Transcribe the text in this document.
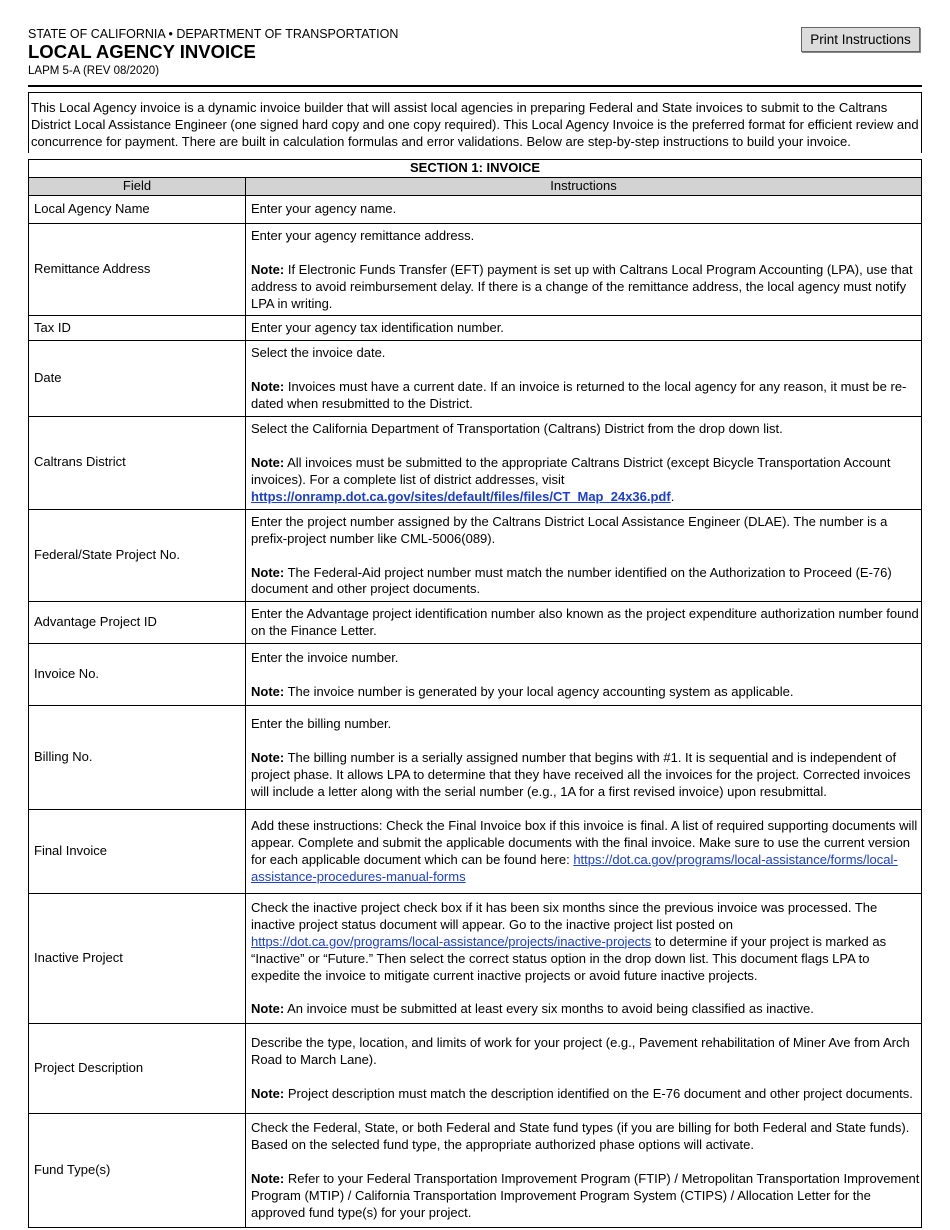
STATE OF CALIFORNIA • DEPARTMENT OF TRANSPORTATION
LOCAL AGENCY INVOICE
LAPM 5-A (REV 08/2020)
Print Instructions
This Local Agency invoice is a dynamic invoice builder that will assist local agencies in preparing Federal and State invoices to submit to the Caltrans District Local Assistance Engineer (one signed hard copy and one copy required). This Local Agency Invoice is the preferred format for efficient review and concurrence for payment. There are built in calculation formulas and error validations. Below are step-by-step instructions to build your invoice.
SECTION 1: INVOICE	
Field	Instructions
Local Agency Name	Enter your agency name.
Remittance Address	Enter your agency remittance address.
Note: If Electronic Funds Transfer (EFT) payment is set up with Caltrans Local Program Accounting (LPA), use that address to avoid reimbursement delay. If there is a change of the remittance address, the local agency must notify LPA in writing.

Tax ID	Enter your agency tax identification number.
Date	Select the invoice date.
Note: Invoices must have a current date. If an invoice is returned to the local agency for any reason, it must be re-dated when resubmitted to the District.

Caltrans District	Select the California Department of Transportation (Caltrans) District from the drop down list.
Note: All invoices must be submitted to the appropriate Caltrans District (except Bicycle Transportation Account invoices). For a complete list of district addresses, visit https://onramp.dot.ca.gov/sites/default/files/files/CT_Map_24x36.pdf.

Federal/State Project No.	Enter the project number assigned by the Caltrans District Local Assistance Engineer (DLAE). The number is a prefix-project number like CML-5006(089).
Note: The Federal-Aid project number must match the number identified on the Authorization to Proceed (E-76) document and other project documents.

Advantage Project ID	Enter the Advantage project identification number also known as the project expenditure authorization number found on the Finance Letter.
Invoice No.	Enter the invoice number.
Note: The invoice number is generated by your local agency accounting system as applicable.

Billing No.	Enter the billing number.
Note: The billing number is a serially assigned number that begins with #1. It is sequential and is independent of project phase. It allows LPA to determine that they have received all the invoices for the project. Corrected invoices will include a letter along with the serial number (e.g., 1A for a first revised invoice) upon resubmittal.

Final Invoice	Add these instructions: Check the Final Invoice box if this invoice is final. A list of required supporting documents will appear. Complete and submit the applicable documents with the final invoice. Make sure to use the current version for each applicable document which can be found here: https://dot.ca.gov/programs/local-assistance/forms/local-assistance-procedures-manual-forms

Inactive Project	Check the inactive project check box if it has been six months since the previous invoice was processed. The inactive project status document will appear. Go to the inactive project list posted on https://dot.ca.gov/programs/local-assistance/projects/inactive-projects to determine if your project is marked as “Inactive” or “Future.” Then select the correct status option in the drop down list. This document flags LPA to expedite the invoice to mitigate current inactive projects or avoid future inactive projects.
Note: An invoice must be submitted at least every six months to avoid being classified as inactive.

Project Description	Describe the type, location, and limits of work for your project (e.g., Pavement rehabilitation of Miner Ave from Arch Road to March Lane).
Note: Project description must match the description identified on the E-76 document and other project documents.

Fund Type(s)	Check the Federal, State, or both Federal and State fund types (if you are billing for both Federal and State funds). Based on the selected fund type, the appropriate authorized phase options will activate.
Note: Refer to your Federal Transportation Improvement Program (FTIP) / Metropolitan Transportation Improvement Program (MTIP) / California Transportation Improvement Program System (CTIPS) / Allocation Letter for the approved fund type(s) for your project.
